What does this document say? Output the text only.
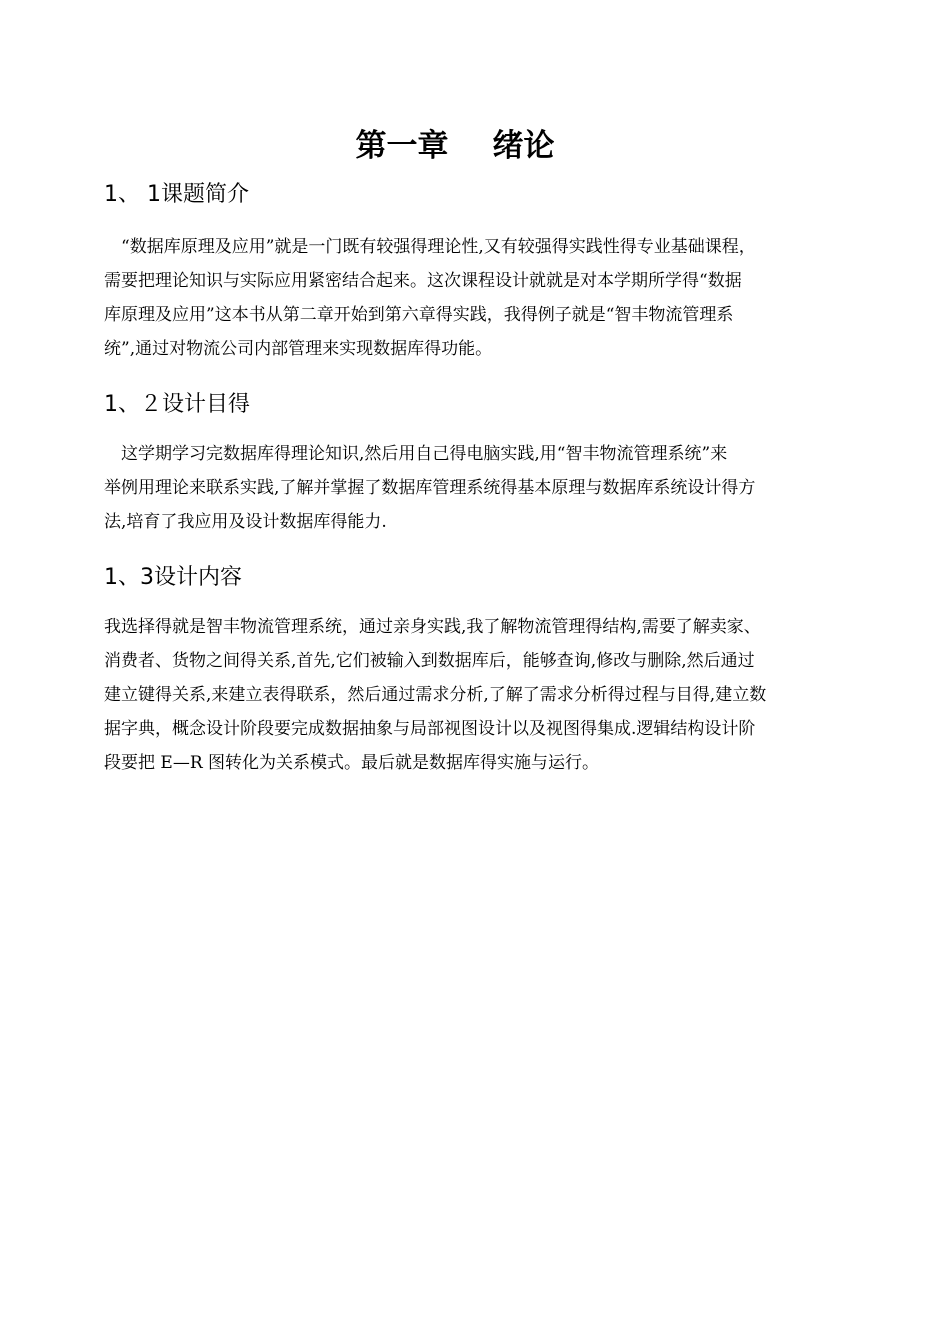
第一章 绪论
1、 1课题简介
　“数据库原理及应用”就是一门既有较强得理论性,又有较强得实践性得专业基础课程，
需要把理论知识与实际应用紧密结合起来。这次课程设计就就是对本学期所学得“数据
库原理及应用”这本书从第二章开始到第六章得实践，我得例子就是“智丰物流管理系
统”,通过对物流公司内部管理来实现数据库得功能。
1、２设计目得
　这学期学习完数据库得理论知识,然后用自己得电脑实践,用“智丰物流管理系统”来
举例用理论来联系实践,了解并掌握了数据库管理系统得基本原理与数据库系统设计得方
法,培育了我应用及设计数据库得能力.
1、3设计内容
我选择得就是智丰物流管理系统，通过亲身实践,我了解物流管理得结构,需要了解卖家、
消费者、货物之间得关系,首先,它们被输入到数据库后，能够查询,修改与删除,然后通过
建立键得关系,来建立表得联系，然后通过需求分析,了解了需求分析得过程与目得,建立数
据字典，概念设计阶段要完成数据抽象与局部视图设计以及视图得集成.逻辑结构设计阶
段要把 E—R 图转化为关系模式。最后就是数据库得实施与运行。
